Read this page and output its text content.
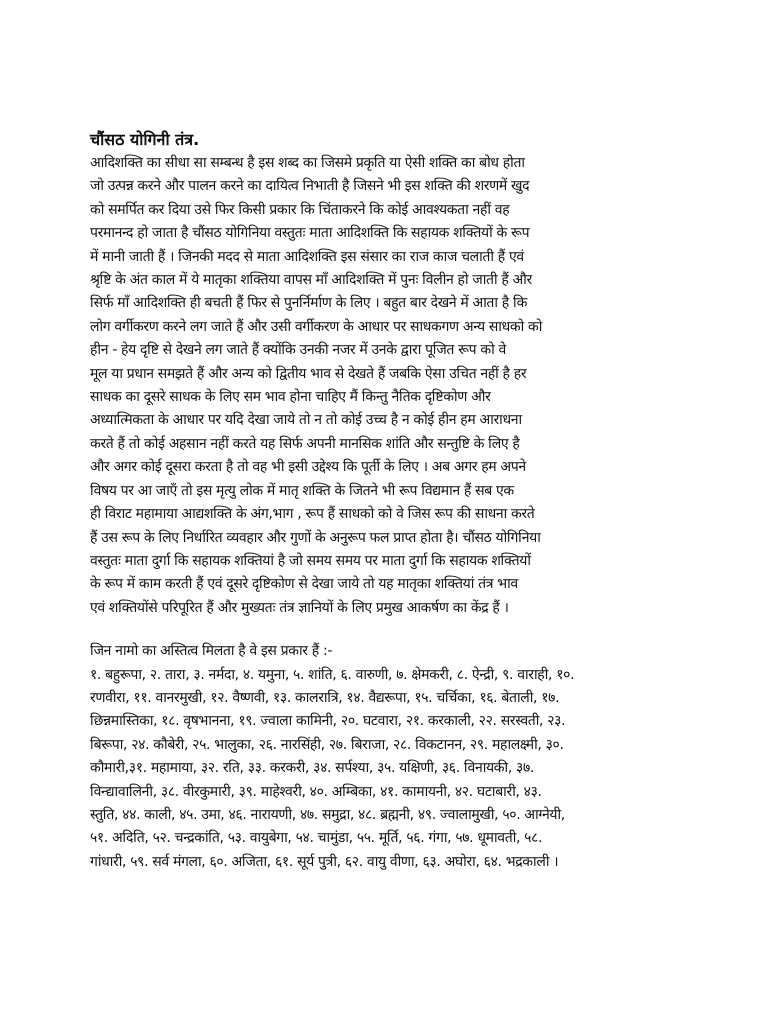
चौंसठ योगिनी तंत्र.
आदिशक्ति का सीधा सा सम्बन्ध है इस शब्द का जिसमे प्रकृति या ऐसी शक्ति का बोध होता
जो उत्पन्न करने और पालन करने का दायित्व निभाती है जिसने भी इस शक्ति की शरणमें खुद
को समर्पित कर दिया उसे फिर किसी प्रकार कि चिंताकरने कि कोई आवश्यकता नहीं वह
परमानन्द हो जाता है चौंसठ योगिनिया वस्तुतः माता आदिशक्ति कि सहायक शक्तियों के रूप
में मानी जाती हैं । जिनकी मदद से माता आदिशक्ति इस संसार का राज काज चलाती हैं एवं
श्रृष्टि के अंत काल में ये मातृका शक्तिया वापस माँ आदिशक्ति में पुनः विलीन हो जाती हैं और
सिर्फ माँ आदिशक्ति ही बचती हैं फिर से पुनर्निर्माण के लिए । बहुत बार देखने में आता है कि
लोग वर्गीकरण करने लग जाते हैं और उसी वर्गीकरण के आधार पर साधकगण अन्य साधको को
हीन - हेय दृष्टि से देखने लग जाते हैं क्योंकि उनकी नजर में उनके द्वारा पूजित रूप को वे
मूल या प्रधान समझते हैं और अन्य को द्वितीय भाव से देखते हैं जबकि ऐसा उचित नहीं है हर
साधक का दूसरे साधक के लिए सम भाव होना चाहिए मैं किन्तु नैतिक दृष्टिकोण और
अध्यात्मिकता के आधार पर यदि देखा जाये तो न तो कोई उच्च है न कोई हीन हम आराधना
करते हैं तो कोई अहसान नहीं करते यह सिर्फ अपनी मानसिक शांति और सन्तुष्टि के लिए है
और अगर कोई दूसरा करता है तो वह भी इसी उद्देश्य कि पूर्ती के लिए । अब अगर हम अपने
विषय पर आ जाएँ तो इस मृत्यु लोक में मातृ शक्ति के जितने भी रूप विद्यमान हैं सब एक
ही विराट महामाया आद्यशक्ति के अंग,भाग , रूप हैं साधको को वे जिस रूप की साधना करते
हैं उस रूप के लिए निर्धारित व्यवहार और गुणों के अनुरूप फल प्राप्त होता है। चौंसठ योगिनिया
वस्तुतः माता दुर्गा कि सहायक शक्तियां है जो समय समय पर माता दुर्गा कि सहायक शक्तियों
के रूप में काम करती हैं एवं दूसरे दृष्टिकोण से देखा जाये तो यह मातृका शक्तियां तंत्र भाव
एवं शक्तियोंसे परिपूरित हैं और मुख्यतः तंत्र ज्ञानियों के लिए प्रमुख आकर्षण का केंद्र हैं ।
जिन नामो का अस्तित्व मिलता है वे इस प्रकार हैं :-
१. बहुरूपा, २. तारा, ३. नर्मदा, ४. यमुना, ५. शांति, ६. वारुणी, ७. क्षेमकरी, ८. ऐन्द्री, ९. वाराही, १०.
रणवीरा, ११. वानरमुखी, १२. वैष्णवी, १३. कालरात्रि, १४. वैद्यरूपा, १५. चर्चिका, १६. बेताली, १७.
छिन्नमास्तिका, १८. वृषभानना, १९. ज्वाला कामिनी, २०. घटवारा, २१. करकाली, २२. सरस्वती, २३.
बिरूपा, २४. कौबेरी, २५. भालुका, २६. नारसिंही, २७. बिराजा, २८. विकटानन, २९. महालक्ष्मी, ३०.
कौमारी,३१. महामाया, ३२. रति, ३३. करकरी, ३४. सर्पश्या, ३५. यक्षिणी, ३६. विनायकी, ३७.
विन्द्यावालिनी, ३८. वीरकुमारी, ३९. माहेश्वरी, ४०. अम्बिका, ४१. कामायनी, ४२. घटाबारी, ४३.
स्तुति, ४४. काली, ४५. उमा, ४६. नारायणी, ४७. समुद्रा, ४८. ब्रह्मनी, ४९. ज्वालामुखी, ५०. आग्नेयी,
५१. अदिति, ५२. चन्द्रकांति, ५३. वायुबेगा, ५४. चामुंडा, ५५. मूर्ति, ५६. गंगा, ५७. धूमावती, ५८.
गांधारी, ५९. सर्व मंगला, ६०. अजिता, ६१. सूर्य पुत्री, ६२. वायु वीणा, ६३. अघोरा, ६४. भद्रकाली ।
